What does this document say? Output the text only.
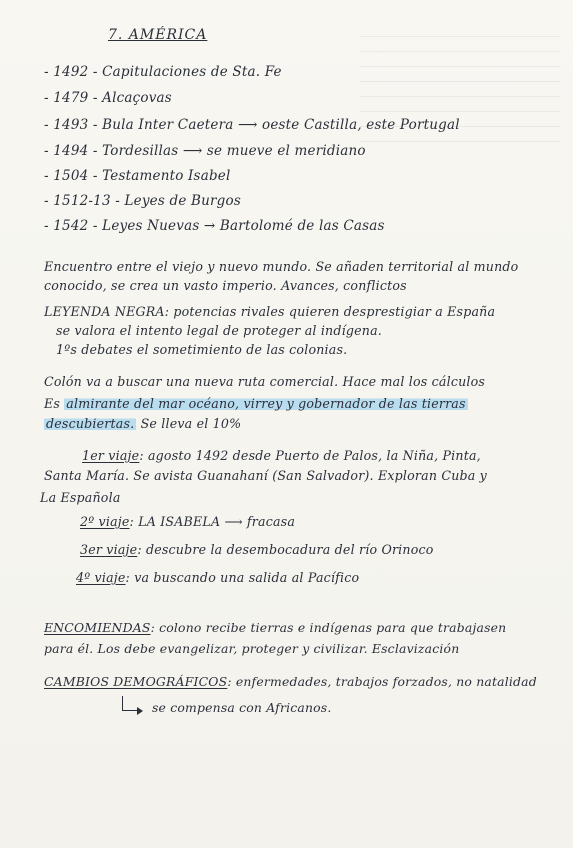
7. AMÉRICA
- 1492 - Capitulaciones de Sta. Fe
- 1479 - Alcaçovas
- 1493 - Bula Inter Caetera ⟶ oeste Castilla, este Portugal
- 1494 - Tordesillas ⟶ se mueve el meridiano
- 1504 - Testamento Isabel
- 1512-13 - Leyes de Burgos
- 1542 - Leyes Nuevas → Bartolomé de las Casas
Encuentro entre el viejo y nuevo mundo. Se añaden territorial al mundo
conocido, se crea un vasto imperio. Avances, conflictos
LEYENDA NEGRA: potencias rivales quieren desprestigiar a España
se valora el intento legal de proteger al indígena.
1ºs debates el sometimiento de las colonias.
Colón va a buscar una nueva ruta comercial. Hace mal los cálculos
Es almirante del mar océano, virrey y gobernador de las tierras
descubiertas. Se lleva el 10%
1er viaje: agosto 1492 desde Puerto de Palos, la Niña, Pinta,
Santa María. Se avista Guanahaní (San Salvador). Exploran Cuba y
La Española
2º viaje: LA ISABELA ⟶ fracasa
3er viaje: descubre la desembocadura del río Orinoco
4º viaje: va buscando una salida al Pacífico
ENCOMIENDAS: colono recibe tierras e indígenas para que trabajasen
para él. Los debe evangelizar, proteger y civilizar. Esclavización
CAMBIOS DEMOGRÁFICOS: enfermedades, trabajos forzados, no natalidad
se compensa con Africanos.
